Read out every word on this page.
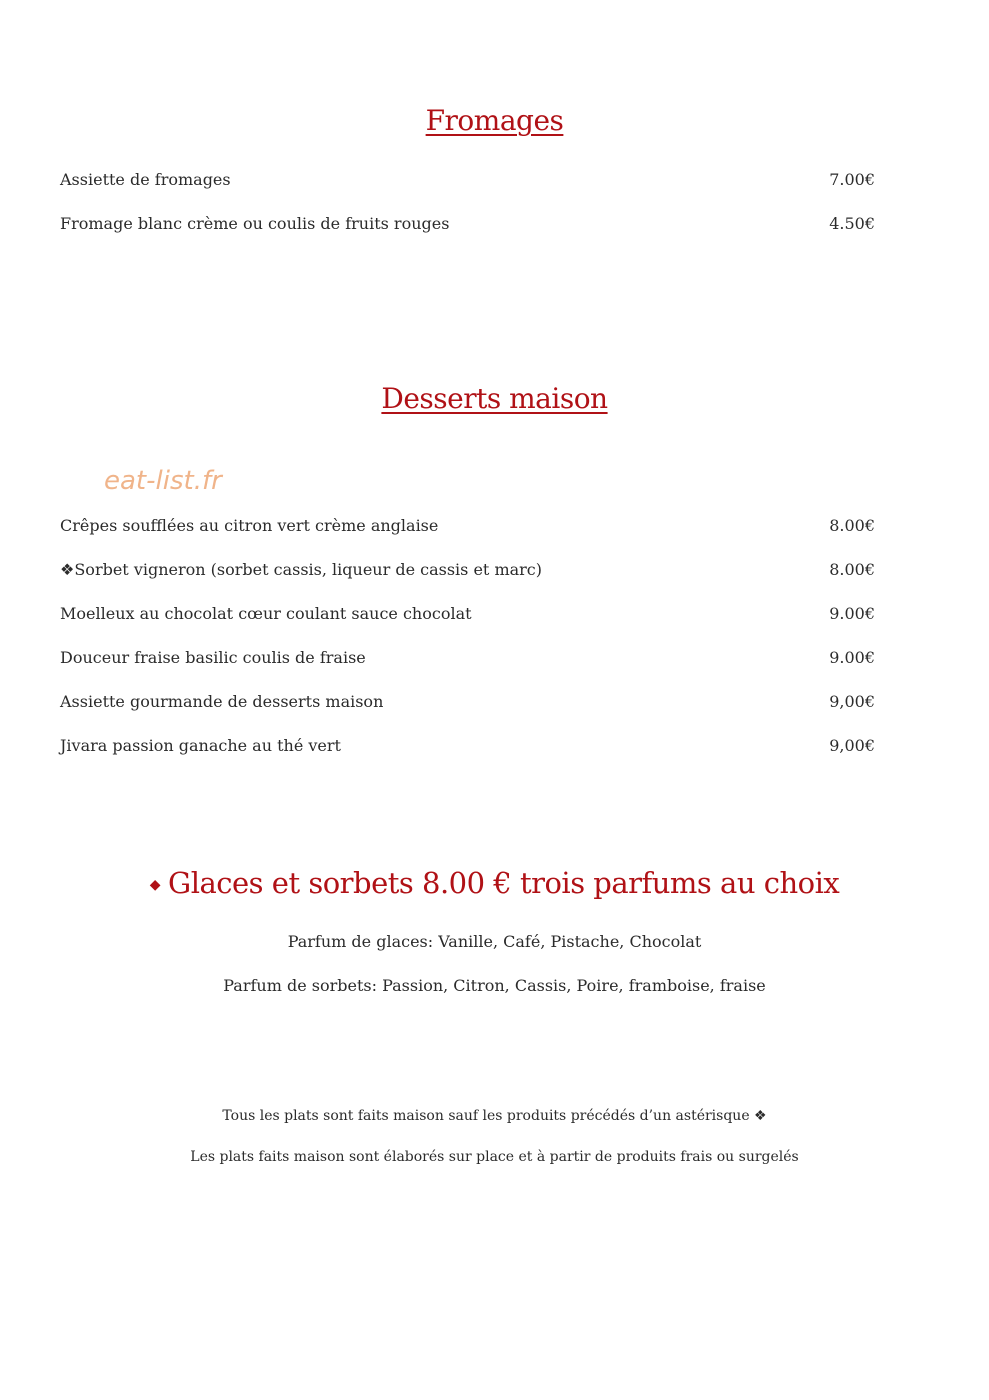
Fromages
Assiette de fromages	7.00€
Fromage blanc crème ou coulis de fruits rouges	4.50€
Desserts maison
eat-list.fr
Crêpes soufflées au citron vert crème anglaise	8.00€
❖Sorbet vigneron (sorbet cassis, liqueur de cassis et marc)	8.00€
Moelleux au chocolat cœur coulant sauce chocolat	9.00€
Douceur fraise basilic coulis de fraise	9.00€
Assiette gourmande de desserts maison	9,00€
Jivara passion ganache au thé vert	9,00€
◆ Glaces et sorbets 8.00 € trois parfums au choix
Parfum de glaces: Vanille, Café, Pistache, Chocolat
Parfum de sorbets: Passion, Citron, Cassis, Poire, framboise, fraise
Tous les plats sont faits maison sauf les produits précédés d’un astérisque ❖
Les plats faits maison sont élaborés sur place et à partir de produits frais ou surgelés
